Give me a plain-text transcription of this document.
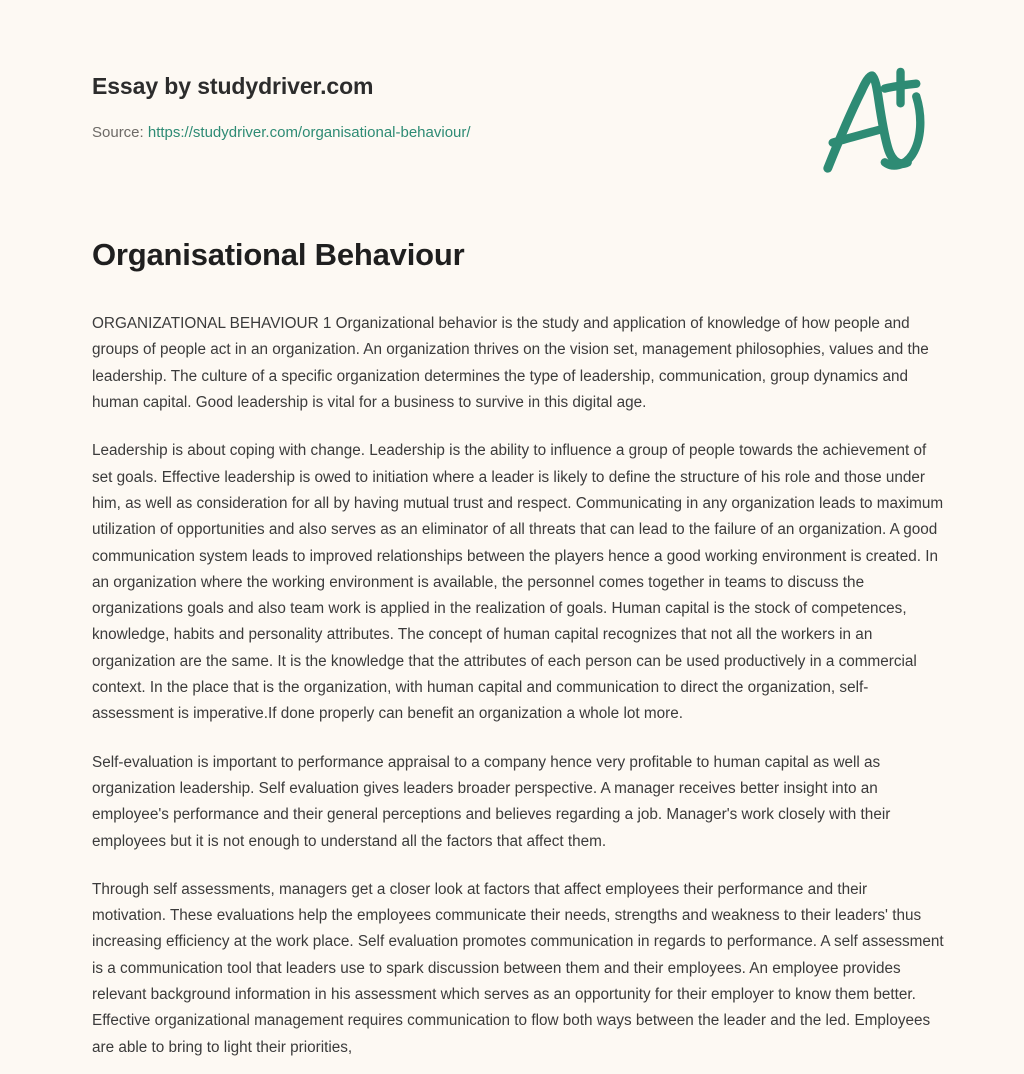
Essay by studydriver.com
Source: https://studydriver.com/organisational-behaviour/
Organisational Behaviour

ORGANIZATIONAL BEHAVIOUR 1 Organizational behavior is the study and application of knowledge of how people and groups of people act in an organization. An organization thrives on the vision set, management philosophies, values and the leadership. The culture of a specific organization determines the type of leadership, communication, group dynamics and human capital. Good leadership is vital for a business to survive in this digital age.

Leadership is about coping with change. Leadership is the ability to influence a group of people towards the achievement of set goals. Effective leadership is owed to initiation where a leader is likely to define the structure of his role and those under him, as well as consideration for all by having mutual trust and respect. Communicating in any organization leads to maximum utilization of opportunities and also serves as an eliminator of all threats that can lead to the failure of an organization. A good communication system leads to improved relationships between the players hence a good working environment is created. In an organization where the working environment is available, the personnel comes together in teams to discuss the organizations goals and also team work is applied in the realization of goals. Human capital is the stock of competences, knowledge, habits and personality attributes. The concept of human capital recognizes that not all the workers in an organization are the same. It is the knowledge that the attributes of each person can be used productively in a commercial context. In the place that is the organization, with human capital and communication to direct the organization, self-assessment is imperative.If done properly can benefit an organization a whole lot more.

Self-evaluation is important to performance appraisal to a company hence very profitable to human capital as well as organization leadership. Self evaluation gives leaders broader perspective. A manager receives better insight into an employee's performance and their general perceptions and believes regarding a job. Manager's work closely with their employees but it is not enough to understand all the factors that affect them.

Through self assessments, managers get a closer look at factors that affect employees their performance and their motivation. These evaluations help the employees communicate their needs, strengths and weakness to their leaders' thus increasing efficiency at the work place. Self evaluation promotes communication in regards to performance. A self assessment is a communication tool that leaders use to spark discussion between them and their employees. An employee provides relevant background information in his assessment which serves as an opportunity for their employer to know them better. Effective organizational management requires communication to flow both ways between the leader and the led. Employees are able to bring to light their priorities,
